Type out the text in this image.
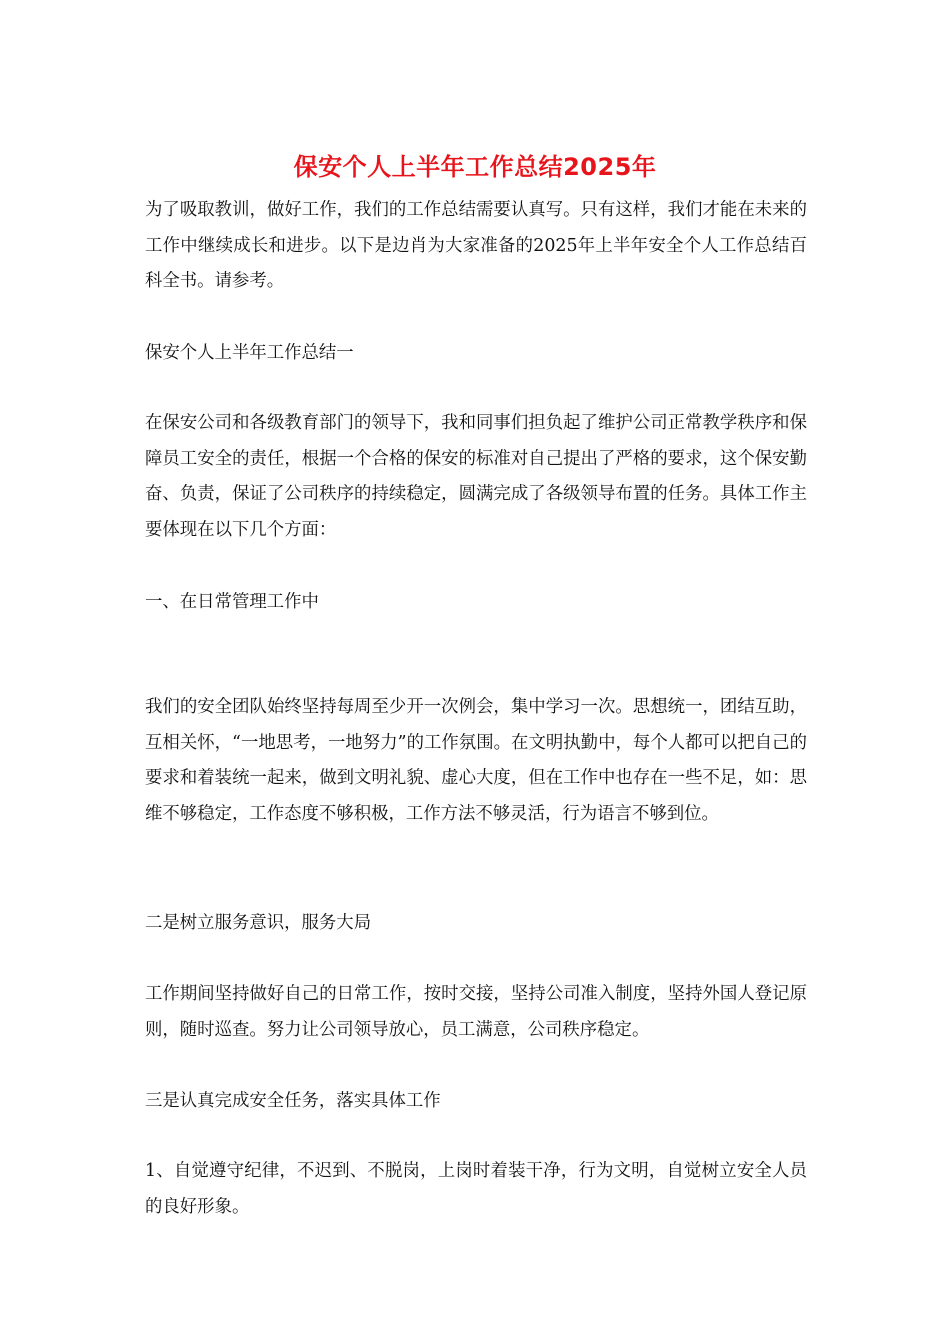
保安个人上半年工作总结2025年

为了吸取教训，做好工作，我们的工作总结需要认真写。只有这样，我们才能在未来的工作中继续成长和进步。以下是边肖为大家准备的2025年上半年安全个人工作总结百科全书。请参考。

保安个人上半年工作总结一

在保安公司和各级教育部门的领导下，我和同事们担负起了维护公司正常教学秩序和保障员工安全的责任，根据一个合格的保安的标准对自己提出了严格的要求，这个保安勤奋、负责，保证了公司秩序的持续稳定，圆满完成了各级领导布置的任务。具体工作主要体现在以下几个方面：

一、在日常管理工作中

我们的安全团队始终坚持每周至少开一次例会，集中学习一次。思想统一，团结互助，互相关怀，“一地思考，一地努力”的工作氛围。在文明执勤中，每个人都可以把自己的要求和着装统一起来，做到文明礼貌、虚心大度，但在工作中也存在一些不足，如：思维不够稳定，工作态度不够积极，工作方法不够灵活，行为语言不够到位。

二是树立服务意识，服务大局

工作期间坚持做好自己的日常工作，按时交接，坚持公司准入制度，坚持外国人登记原则，随时巡查。努力让公司领导放心，员工满意，公司秩序稳定。

三是认真完成安全任务，落实具体工作

1、自觉遵守纪律，不迟到、不脱岗，上岗时着装干净，行为文明，自觉树立安全人员的良好形象。
